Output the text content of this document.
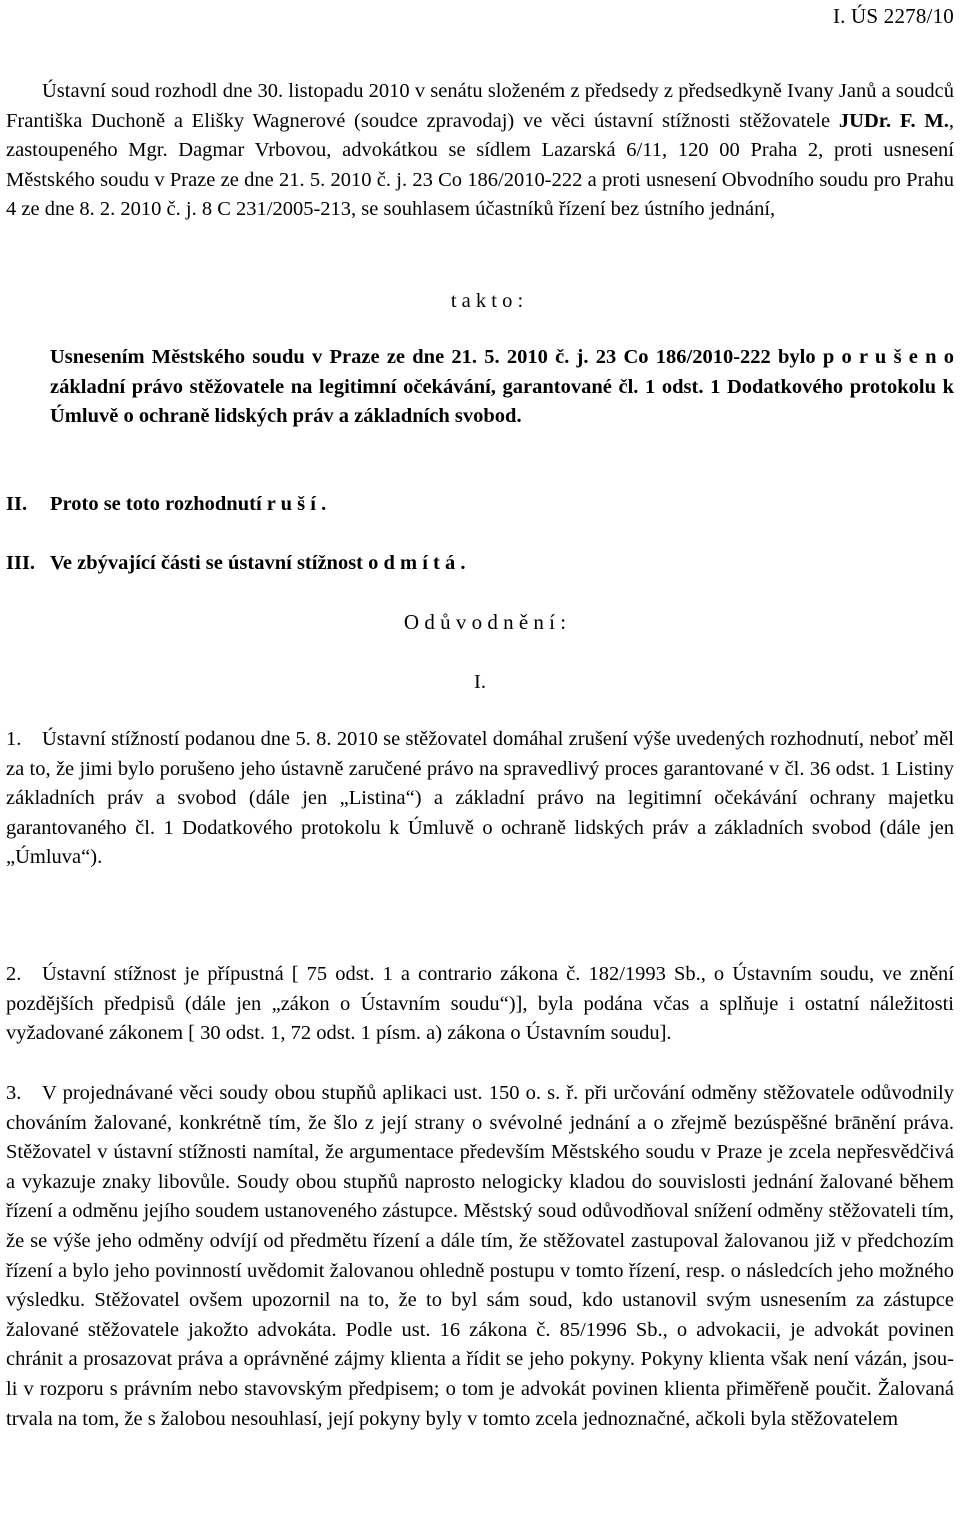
I. ÚS 2278/10

Ústavní soud rozhodl dne 30. listopadu 2010 v senátu složeném z předsedy z předsedkyně Ivany Janů a soudců Františka Duchoně a Elišky Wagnerové (soudce zpravodaj) ve věci ústavní stížnosti stěžovatele JUDr. F. M., zastoupeného Mgr. Dagmar Vrbovou, advokátkou se sídlem Lazarská 6/11, 120 00 Praha 2, proti usnesení Městského soudu v Praze ze dne 21. 5. 2010 č. j. 23 Co 186/2010-222 a proti usnesení Obvodního soudu pro Prahu 4 ze dne 8. 2. 2010 č. j. 8 C 231/2005-213, se souhlasem účastníků řízení bez ústního jednání,

t a k t o :
Usnesením Městského soudu v Praze ze dne 21. 5. 2010 č. j. 23 Co 186/2010-222 bylo p o r u š e n o základní právo stěžovatele na legitimní očekávání, garantované čl. 1 odst. 1 Dodatkového protokolu k Úmluvě o ochraně lidských práv a základních svobod.
II. Proto se toto rozhodnutí r u š í .
III. Ve zbývající části se ústavní stížnost o d m í t á .
O d ů v o d n ě n í :
I.

1. Ústavní stížností podanou dne 5. 8. 2010 se stěžovatel domáhal zrušení výše uvedených rozhodnutí, neboť měl za to, že jimi bylo porušeno jeho ústavně zaručené právo na spravedlivý proces garantované v čl. 36 odst. 1 Listiny základních práv a svobod (dále jen „Listina“) a základní právo na legitimní očekávání ochrany majetku garantovaného čl. 1 Dodatkového protokolu k Úmluvě o ochraně lidských práv a základních svobod (dále jen „Úmluva“).

2. Ústavní stížnost je přípustná [ 75 odst. 1 a contrario zákona č. 182/1993 Sb., o Ústavním soudu, ve znění pozdějších předpisů (dále jen „zákon o Ústavním soudu“)], byla podána včas a splňuje i ostatní náležitosti vyžadované zákonem [ 30 odst. 1, 72 odst. 1 písm. a) zákona o Ústavním soudu].

3. V projednávané věci soudy obou stupňů aplikaci ust. 150 o. s. ř. při určování odměny stěžovatele odůvodnily chováním žalované, konkrétně tím, že šlo z její strany o svévolné jednání a o zřejmě bezúspěšné brānění práva. Stěžovatel v ústavní stížnosti namítal, že argumentace především Městského soudu v Praze je zcela nepřesvědčivá a vykazuje znaky libovůle. Soudy obou stupňů naprosto nelogicky kladou do souvislosti jednání žalované během řízení a odměnu jejího soudem ustanoveného zástupce. Městský soud odůvodňoval snížení odměny stěžovateli tím, že se výše jeho odměny odvíjí od předmětu řízení a dále tím, že stěžovatel zastupoval žalovanou již v předchozím řízení a bylo jeho povinností uvědomit žalovanou ohledně postupu v tomto řízení, resp. o následcích jeho možného výsledku. Stěžovatel ovšem upozornil na to, že to byl sám soud, kdo ustanovil svým usnesením za zástupce žalované stěžovatele jakožto advokáta. Podle ust. 16 zákona č. 85/1996 Sb., o advokacii, je advokát povinen chránit a prosazovat práva a oprávněné zájmy klienta a řídit se jeho pokyny. Pokyny klienta však není vázán, jsou-li v rozporu s právním nebo stavovským předpisem; o tom je advokát povinen klienta přiměřeně poučit. Žalovaná trvala na tom, že s žalobou nesouhlasí, její pokyny byly v tomto zcela jednoznačné, ačkoli byla stěžovatelem
